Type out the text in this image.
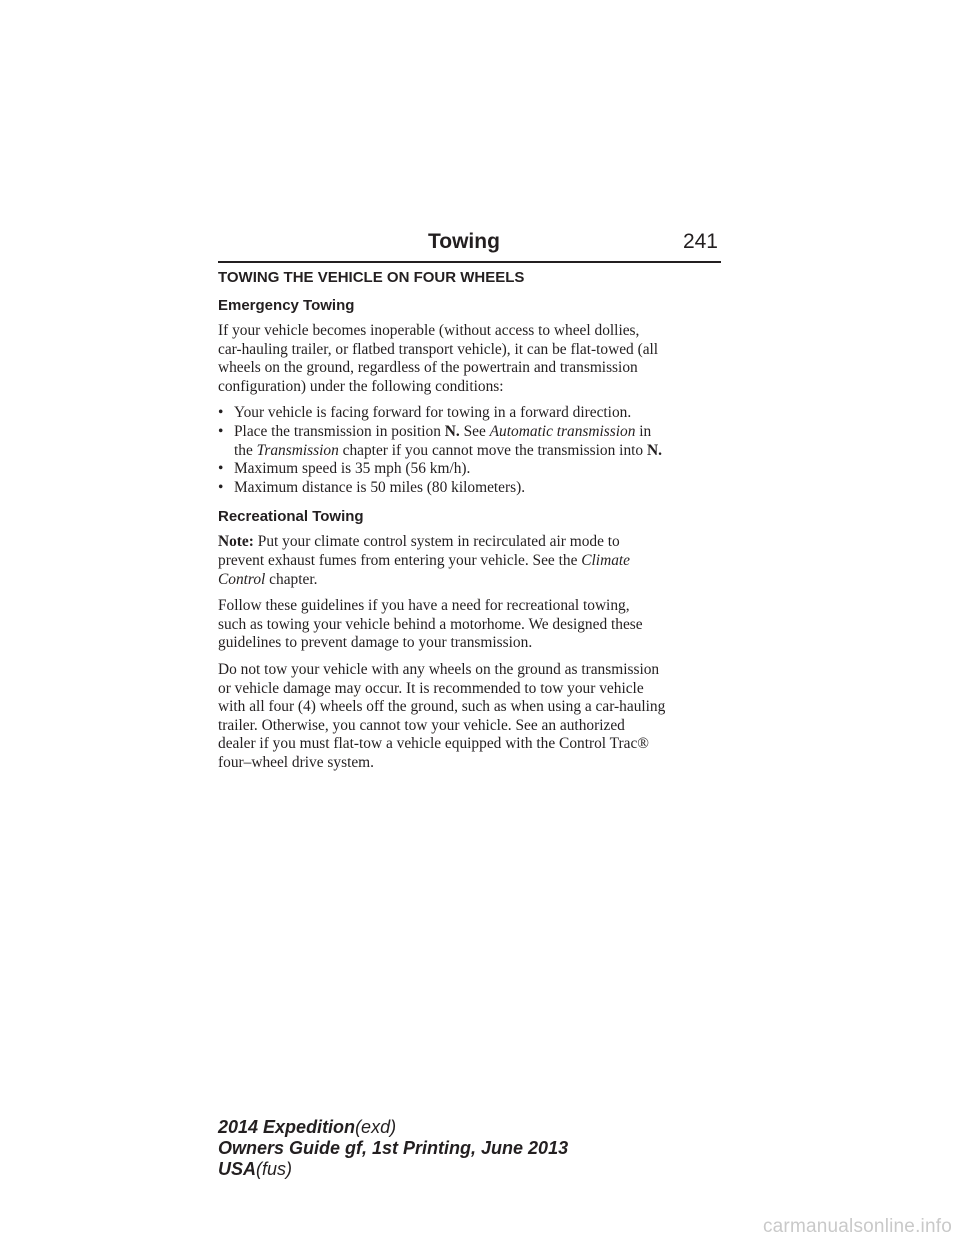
Towing	241
TOWING THE VEHICLE ON FOUR WHEELS
Emergency Towing
If your vehicle becomes inoperable (without access to wheel dollies,
car-hauling trailer, or flatbed transport vehicle), it can be flat-towed (all
wheels on the ground, regardless of the powertrain and transmission
configuration) under the following conditions:
• Your vehicle is facing forward for towing in a forward direction.
• Place the transmission in position N. See Automatic transmission in
the Transmission chapter if you cannot move the transmission into N.
• Maximum speed is 35 mph (56 km/h).
• Maximum distance is 50 miles (80 kilometers).
Recreational Towing
Note: Put your climate control system in recirculated air mode to
prevent exhaust fumes from entering your vehicle. See the Climate
Control chapter.
Follow these guidelines if you have a need for recreational towing,
such as towing your vehicle behind a motorhome. We designed these
guidelines to prevent damage to your transmission.
Do not tow your vehicle with any wheels on the ground as transmission
or vehicle damage may occur. It is recommended to tow your vehicle
with all four (4) wheels off the ground, such as when using a car-hauling
trailer. Otherwise, you cannot tow your vehicle. See an authorized
dealer if you must flat-tow a vehicle equipped with the Control Trac®
four–wheel drive system.
2014 Expedition(exd)
Owners Guide gf, 1st Printing, June 2013
USA(fus)
carmanualsonline.info
